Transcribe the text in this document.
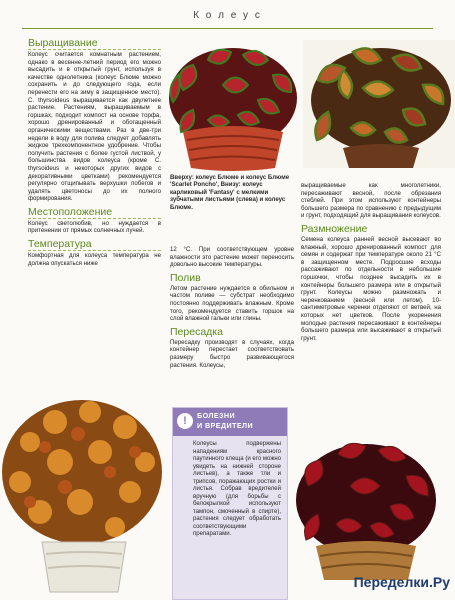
К о л е у с
Выращивание

Колеус считается комнатным растением, однако в весенне-летний период его можно высадить и в открытый грунт, используя в качестве однолетника (колеус Блюме можно сохранить и до следующего года, если перенести его на зиму в защищенное место). C. thyrsoideus выращивается как двулетнее растение. Растениям, выращиваемым в горшках, подходит компост на основе торфа, хорошо дренированный и обогащенный органическими веществами. Раз в две-три недели в воду для полива следует добавлять жидкое трехкомпонентное удобрение. Чтобы получить растения с более густой листвой, у большинства видов колеуса (кроме C. thyrsoideus и некоторых других видов с декоративными цветками) рекомендуется регулярно отщипывать верхушки побегов и удалять цветоносы до их полного формирования.

Местоположение

Колеус светолюбив, но нуждается в притенении от прямых солнечных лучей.

Температура

Комфортная для колеуса температура не должна опускаться ниже

Вверху: колеус Блюме и колеус Блюме 'Scarlet Poncho', Внизу: колеус карликовый 'Fantasy' с мелкими зубчатыми листьями (слева) и колеус Блюме.

12 °С. При соответствующем уровне влажности это растение может переносить довольно высокие температуры.

Полив

Летом растение нуждается в обильном и частом поливе — субстрат необходимо постоянно поддерживать влажным. Кроме того, рекомендуется ставить горшок на слой влажной гальки или глины.

Пересадка

Пересадку производят в случаях, когда контейнер перестает соответствовать размеру быстро развивающегося растения. Колеусы,

выращиваемые как многолетники, пересаживают весной, после обрезания стеблей. При этом используют контейнеры большего размера по сравнению с предыдущим и грунт, подходящий для выращивания колеусов.

Размножение

Семена колеуса ранней весной высевают во влажный, хорошо дренированный компост для семян и содержат при температуре около 21 °С в защищенном месте. Подросшие всходы рассаживают по отдельности в небольшие горшочки, чтобы позднее высадить их в контейнеры большего размера или в открытый грунт. Колеусы можно размножать и черенкованием (весной или летом). 10-сантиметровые черенки отделяют от ветвей, на которых нет цветков. После укоренения молодые растения пересаживают в контейнеры большего размера или высаживают в открытый грунт.

!	БОЛЕЗНИ
И ВРЕДИТЕЛИ
Колеусы подвержены нападениям красного паутинного клеща (и его можно увидеть на нижней стороне листьев), а также тли и трипсов, поражающих ростки и листья. Собрав вредителей вручную (для борьбы с белокрылкой используют тампон, смоченный в спирте), растения следует обработать соответствующими препаратами.
Переделки.Ру
